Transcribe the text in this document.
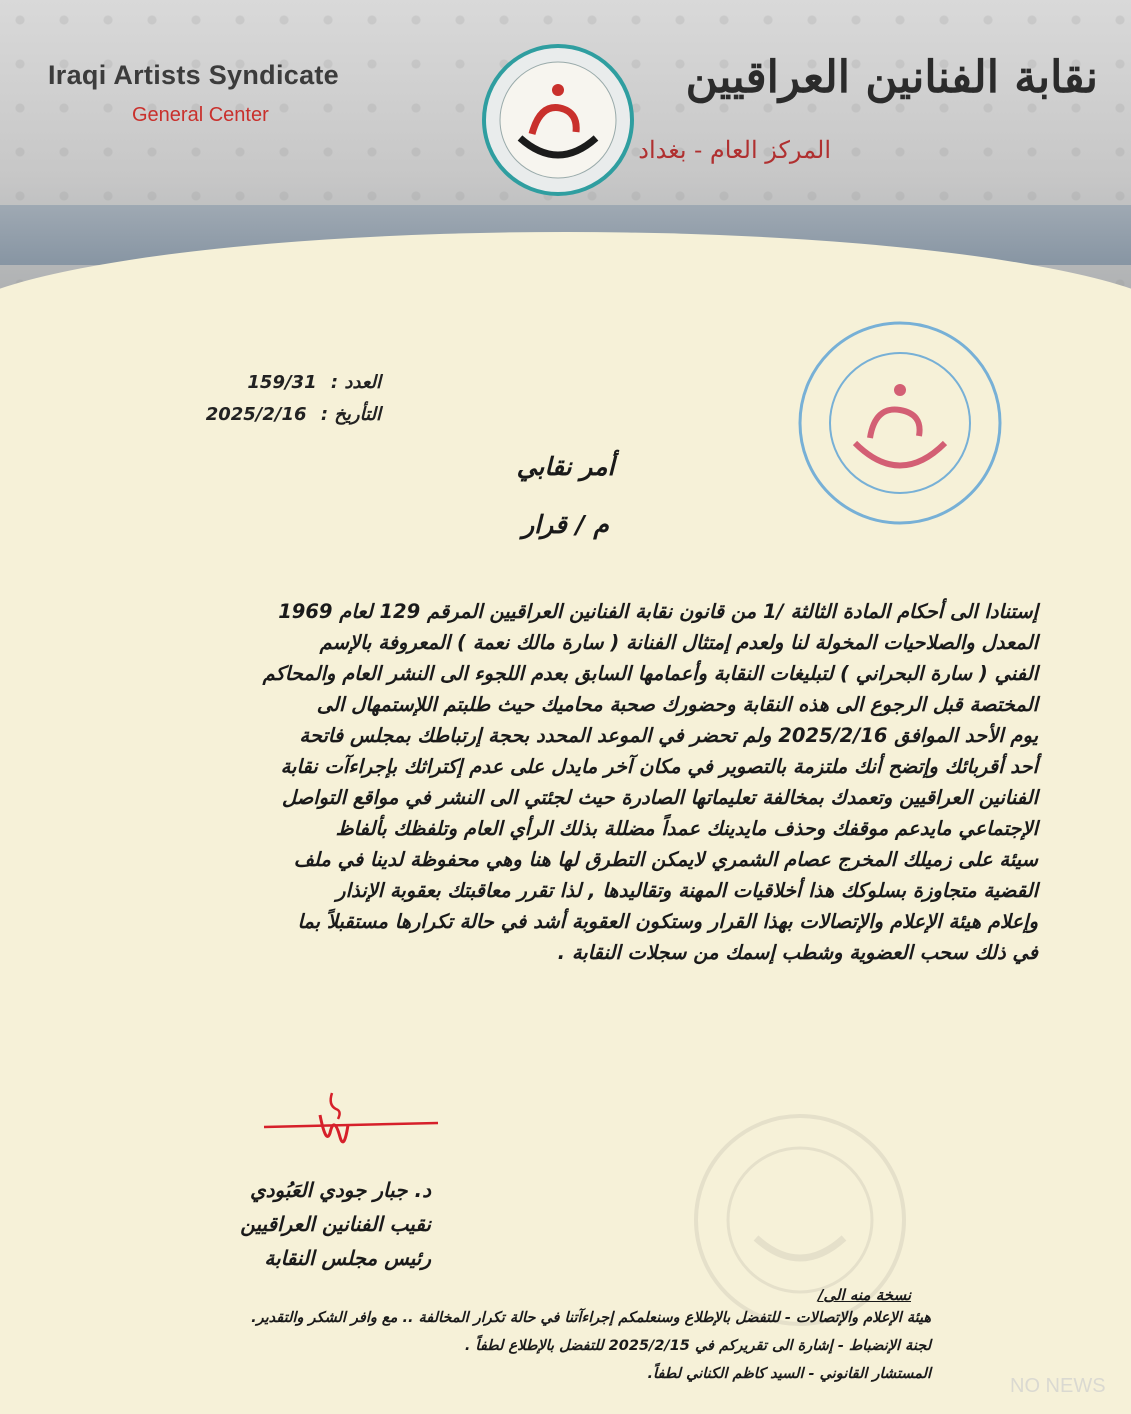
Iraqi Artists Syndicate
General Center
نقابة الفنانين العراقيين
المركز العام - بغداد
العدد : 159/31
التأريخ : 2025/2/16
أمر نقابي
م / قرار
إستنادا الى أحكام المادة الثالثة /1 من قانون نقابة الفنانين العراقيين المرقم 129 لعام 1969
المعدل والصلاحيات المخولة لنا ولعدم إمتثال الفنانة ( سارة مالك نعمة ) المعروفة بالإسم
الفني ( سارة البحراني ) لتبليغات النقابة وأعمامها السابق بعدم اللجوء الى النشر العام والمحاكم
المختصة قبل الرجوع الى هذه النقابة وحضورك صحبة محاميك حيث طلبتم اللإستمهال الى
يوم الأحد الموافق 2025/2/16 ولم تحضر في الموعد المحدد بحجة إرتباطك بمجلس فاتحة
أحد أقربائك وإتضح أنك ملتزمة بالتصوير في مكان آخر مايدل على عدم إكتراثك بإجراءآت نقابة
الفنانين العراقيين وتعمدك بمخالفة تعليماتها الصادرة حيث لجئتي الى النشر في مواقع التواصل
الإجتماعي مايدعم موقفك وحذف مايدينك عمداً مضللة بذلك الرأي العام وتلفظك بألفاظ
سيئة على زميلك المخرج عصام الشمري لايمكن التطرق لها هنا وهي محفوظة لدينا في ملف
القضية متجاوزة بسلوكك هذا أخلاقيات المهنة وتقاليدها , لذا تقرر معاقبتك بعقوبة الإنذار
وإعلام هيئة الإعلام والإتصالات بهذا القرار وستكون العقوبة أشد في حالة تكرارها مستقبلاً بما
في ذلك سحب العضوية وشطب إسمك من سجلات النقابة .
د. جبار جودي العَبُودي
نقيب الفنانين العراقيين
رئيس مجلس النقابة
نسخة منه الى/
هيئة الإعلام والإتصالات - للتفضل بالإطلاع وسنعلمكم إجراءآتنا في حالة تكرار المخالفة .. مع وافر الشكر والتقدير.
لجنة الإنضباط - إشارة الى تقريركم في 2025/2/15 للتفضل بالإطلاع لطفاً .
المستشار القانوني - السيد كاظم الكناني لطفاً.
NO NEWS
